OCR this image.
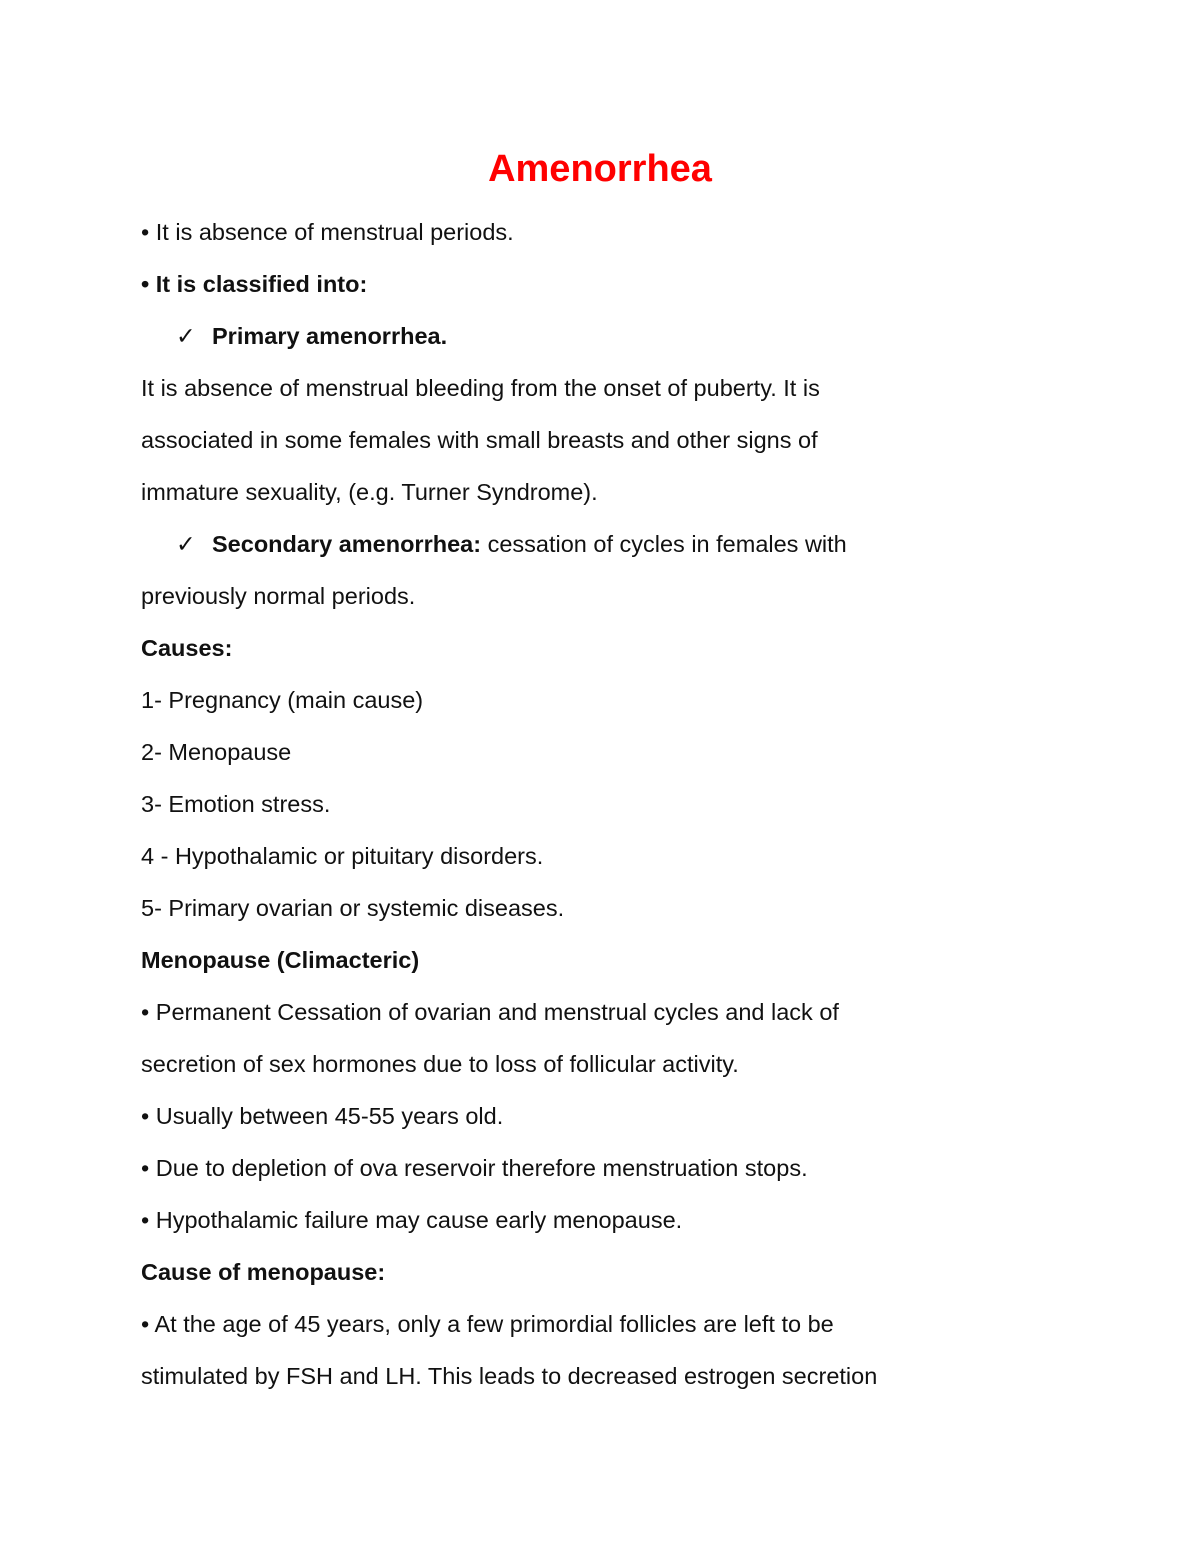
Amenorrhea
• It is absence of menstrual periods.
• It is classified into:
✓ Primary amenorrhea.
It is absence of menstrual bleeding from the onset of puberty. It is
associated in some females with small breasts and other signs of
immature sexuality, (e.g. Turner Syndrome).
✓ Secondary amenorrhea: cessation of cycles in females with
previously normal periods.
Causes:
1- Pregnancy (main cause)
2- Menopause
3- Emotion stress.
4 - Hypothalamic or pituitary disorders.
5- Primary ovarian or systemic diseases.
Menopause (Climacteric)
• Permanent Cessation of ovarian and menstrual cycles and lack of
secretion of sex hormones due to loss of follicular activity.
• Usually between 45-55 years old.
• Due to depletion of ova reservoir therefore menstruation stops.
• Hypothalamic failure may cause early menopause.
Cause of menopause:
• At the age of 45 years, only a few primordial follicles are left to be
stimulated by FSH and LH. This leads to decreased estrogen secretion
